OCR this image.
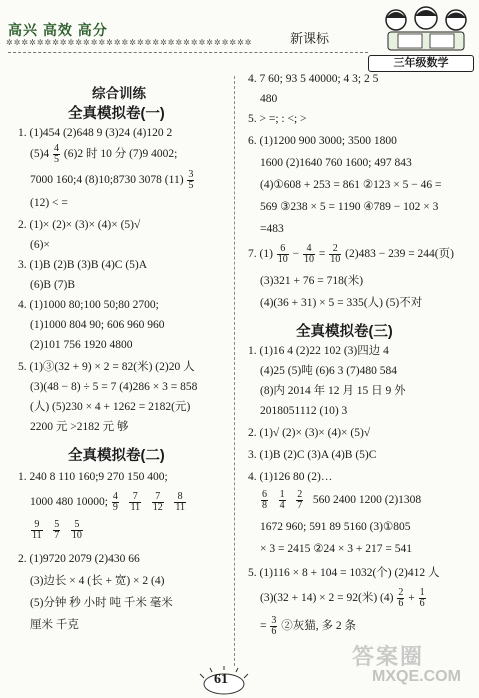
高兴 高效 高分
✲✲✲✲✲✲✲✲✲✲✲✲✲✲✲✲✲✲✲✲✲✲✲✲✲✲✲✲✲✲✲✲	新课标
三年级数学
综合训练
全真模拟卷(一)
1. (1)454 (2)648 9 (3)24 (4)120 2
$(5)4 \frac{4}{5} (6)2$ 时 10 分 (7)9 4002;
7000 160;4 (8)10;8730 3078 $(11) \frac{3}{5}$
(12) < =
2. (1)× (2)× (3)× (4)× (5)√
(6)×
3. (1)B (2)B (3)B (4)C (5)A
(6)B (7)B
4. (1)1000 80;100 50;80 2700;
(1)1000 804 90; 606 960 960
(2)101 756 1920 4800
5. (1)③(32 + 9) × 2 = 82(米) (2)20 人
(3)(48 − 8) ÷ 5 = 7 (4)286 × 3 = 858
(人) (5)230 × 4 + 1262 = 2182(元)
2200 元 >2182 元 够
全真模拟卷(二)
1. 240 8 110 160;9 270 150 400;
1000 480 10000; $\frac{4}{9}$
$\frac{7}{11}$
$\frac{7}{12}$
$\frac{8}{11}$
$\frac{9}{11}$
$\frac{5}{7}$
$\frac{5}{10}$
2. (1)9720 2079 (2)430 66
(3)边长 × 4 (长 + 宽) × 2 (4)
(5)分钟 秒 小时 吨 千米 毫米
厘米 千克
4. 7 60; 93 5 40000; 4 3; 2 5
480
5. > =; : <; >
6. (1)1200 900 3000; 3500 1800
1600 (2)1640 760 1600; 497 843
(4)①608 + 253 = 861 ②123 × 5 − 46 =
569 ③238 × 5 = 1190 ④789 − 102 × 3
=483
7. $(1) \frac{6}{10} - \frac{4}{10} = \frac{2}{10} (2)483 - 239 = 244$(页)
(3)321 + 76 = 718(米)
(4)(36 + 31) × 5 = 335(人) (5)不对
全真模拟卷(三)
1. (1)16 4 (2)22 102 (3)四边 4
(4)25 (5)吨 (6)6 3 (7)480 584
(8)内 2014 年 12 月 15 日 9 外
2018051112 (10) 3
2. (1)√ (2)× (3)× (4)× (5)√
3. (1)B (2)C (3)A (4)B (5)C
4. (1)126 80 (2)…
$\frac{6}{8}$
$\frac{1}{4}$
$\frac{2}{7} 560$ 2400 1200 (2)1308
1672 960; 591 89 5160 (3)①805
× 3 = 2415 ②24 × 3 + 217 = 541
5. (1)116 × 8 + 104 = 1032(个) (2)412 人
(3)(32 + 14) × 2 = 92(米) $(4) \frac{2}{6} + \frac{1}{6}$
= $\frac{3}{6}$ ②灰猫, 多 2 条
61
答案圈
MXQE.COM
